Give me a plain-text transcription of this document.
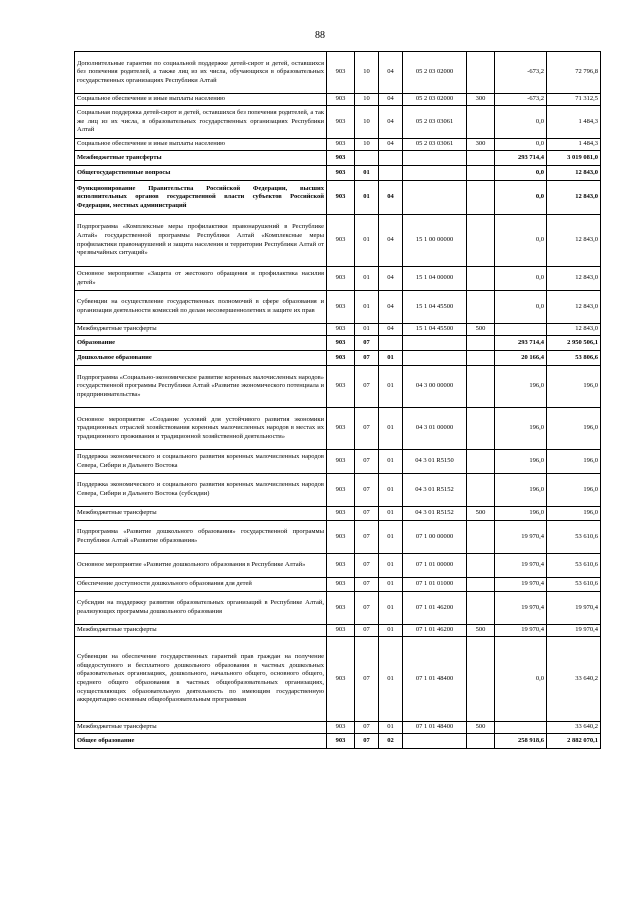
88
Дополнительные гарантии по социальной поддержке детей-сирот и детей, оставшихся без попечения родителей, а также лиц из их числа, обучающихся в образовательных государственных организациях Республики Алтай	903	10	04	05 2 03 02000		-673,2	72 796,8
Социальное обеспечение и иные выплаты населению	903	10	04	05 2 03 02000	300	-673,2	71 312,5
Социальная поддержка детей-сирот и детей, оставшихся без попечения родителей, а так же лиц из их числа, в образовательных государственных организациях Республики Алтай	903	10	04	05 2 03 03061		0,0	1 484,3
Социальное обеспечение и иные выплаты населению	903	10	04	05 2 03 03061	300	0,0	1 484,3
Межбюджетные трансферты	903					293 714,4	3 019 081,0
Общегосударственные вопросы	903	01				0,0	12 843,0
Функционирование Правительства Российской Федерации, высших исполнительных органов государственной власти субъектов Российской Федерации, местных администраций	903	01	04			0,0	12 843,0
Подпрограмма «Комплексные меры профилактики правонарушений в Республике Алтай» государственной программы Республики Алтай «Комплексные меры профилактики правонарушений и защита населения и территории Республики Алтай от чрезвычайных ситуаций»	903	01	04	15 1 00 00000		0,0	12 843,0
Основное мероприятие «Защита от жестокого обращения и профилактика насилия детей»	903	01	04	15 1 04 00000		0,0	12 843,0
Субвенции на осуществление государственных полномочий в сфере образования и организации деятельности комиссий по делам несовершеннолетних и защите их прав	903	01	04	15 1 04 45500		0,0	12 843,0
Межбюджетные трансферты	903	01	04	15 1 04 45500	500		12 843,0
Образование	903	07				293 714,4	2 950 506,1
Дошкольное образование	903	07	01			20 166,4	53 806,6
Подпрограмма «Социально-экономическое развитие коренных малочисленных народов» государственной программы Республики Алтай «Развитие экономического потенциала и предпринимательства»	903	07	01	04 3 00 00000		196,0	196,0
Основное мероприятие «Создание условий для устойчивого развития экономики традиционных отраслей хозяйствования коренных малочисленных народов в местах их традиционного проживания и традиционной хозяйственной деятельности»	903	07	01	04 3 01 00000		196,0	196,0
Поддержка экономического и социального развития коренных малочисленных народов Севера, Сибири и Дальнего Востока	903	07	01	04 3 01 R5150		196,0	196,0
Поддержка экономического и социального развития коренных малочисленных народов Севера, Сибири и Дальнего Востока (субсидии)	903	07	01	04 3 01 R5152		196,0	196,0
Межбюджетные трансферты	903	07	01	04 3 01 R5152	500	196,0	196,0
Подпрограмма «Развитие дошкольного образования» государственной программы Республики Алтай «Развитие образования»	903	07	01	07 1 00 00000		19 970,4	53 610,6
Основное мероприятие «Развитие дошкольного образования в Республике Алтай»	903	07	01	07 1 01 00000		19 970,4	53 610,6
Обеспечение доступности дошкольного образования для детей	903	07	01	07 1 01 01000		19 970,4	53 610,6
Субсидии на поддержку развития образовательных организаций в Республике Алтай, реализующих программы дошкольного образования	903	07	01	07 1 01 46200		19 970,4	19 970,4
Межбюджетные трансферты	903	07	01	07 1 01 46200	500	19 970,4	19 970,4
Субвенции на обеспечение государственных гарантий прав граждан на получение общедоступного и бесплатного дошкольного образования в частных дошкольных образовательных организациях, дошкольного, начального общего, основного общего, среднего общего образования в частных общеобразовательных организациях, осуществляющих образовательную деятельность по имеющим государственную аккредитацию основным общеобразовательным программам	903	07	01	07 1 01 48400		0,0	33 640,2
Межбюджетные трансферты	903	07	01	07 1 01 48400	500		33 640,2
Общее образование	903	07	02			258 918,6	2 882 070,1
